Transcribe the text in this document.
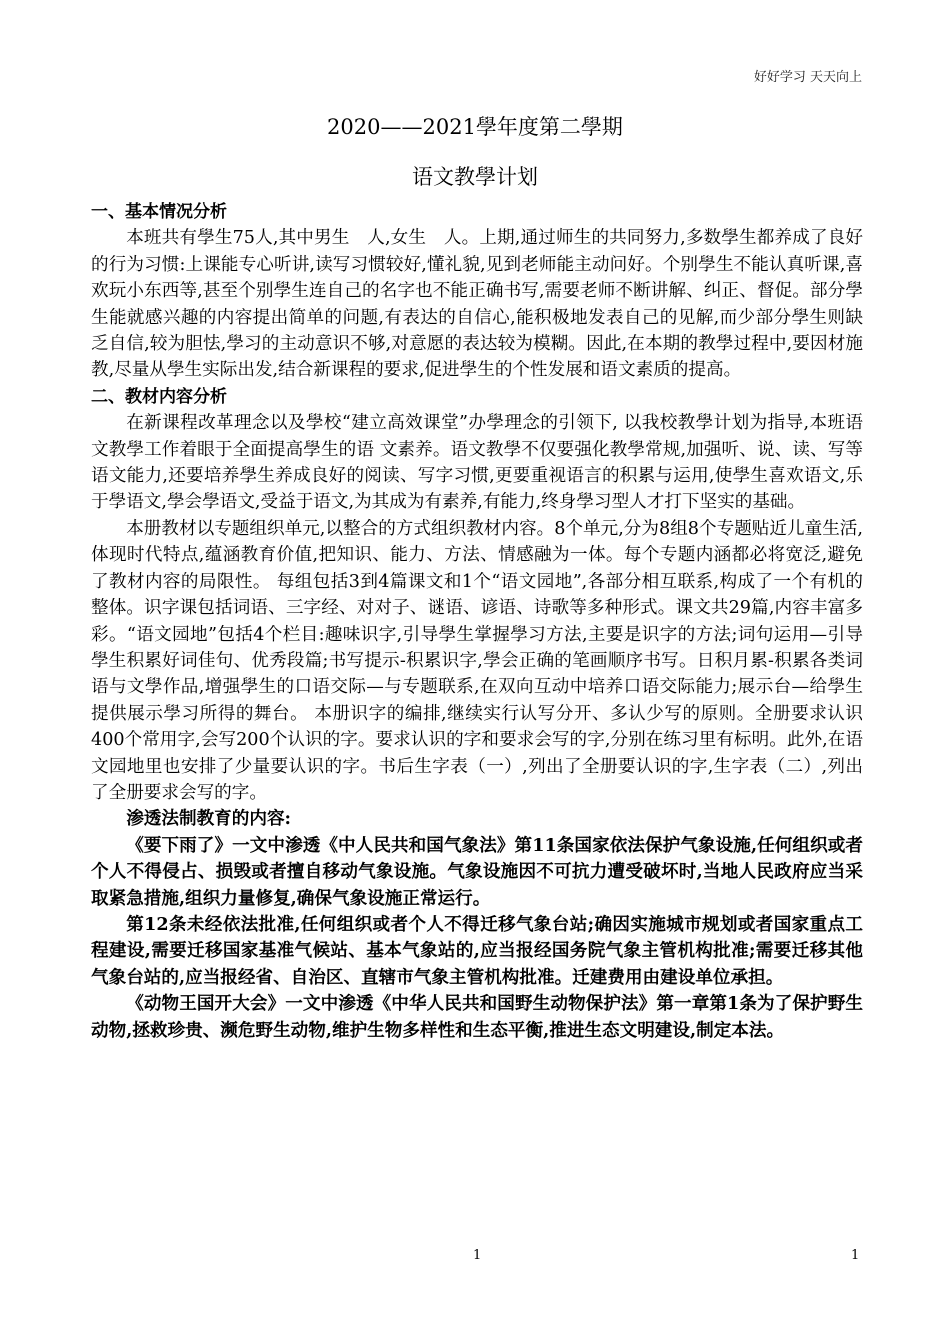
好好学习 天天向上
2020——2021學年度第二學期
语文教學计划
一、基本情况分析

本班共有學生75人,其中男生　人,女生　人。上期,通过师生的共同努力,多数學生都养成了良好的行为习惯:上课能专心听讲,读写习惯较好,懂礼貌,见到老师能主动问好。个别學生不能认真听课,喜欢玩小东西等,甚至个别學生连自己的名字也不能正确书写,需要老师不断讲解、纠正、督促。部分學生能就感兴趣的内容提出简单的问题,有表达的自信心,能积极地发表自己的见解,而少部分學生则缺乏自信,较为胆怯,學习的主动意识不够,对意愿的表达较为模糊。因此,在本期的教學过程中,要因材施教,尽量从學生实际出发,结合新课程的要求,促进學生的个性发展和语文素质的提高。

二、教材内容分析

在新课程改革理念以及學校“建立高效课堂”办學理念的引领下, 以我校教學计划为指导,本班语文教學工作着眼于全面提高學生的语 文素养。语文教學不仅要强化教學常规,加强听、说、读、写等语文能力,还要培养學生养成良好的阅读、写字习惯,更要重视语言的积累与运用,使學生喜欢语文,乐于學语文,學会學语文,受益于语文,为其成为有素养,有能力,终身學习型人才打下坚实的基础。

本册教材以专题组织单元,以整合的方式组织教材内容。8个单元,分为8组8个专题贴近儿童生活,体现时代特点,蕴涵教育价值,把知识、能力、方法、情感融为一体。每个专题内涵都必将宽泛,避免了教材内容的局限性。 每组包括3到4篇课文和1个“语文园地”,各部分相互联系,构成了一个有机的整体。识字课包括词语、三字经、对对子、谜语、谚语、诗歌等多种形式。课文共29篇,内容丰富多彩。“语文园地”包括4个栏目:趣味识字,引导學生掌握學习方法,主要是识字的方法;词句运用—引导學生积累好词佳句、优秀段篇;书写提示-积累识字,學会正确的笔画顺序书写。日积月累-积累各类词语与文學作品,增强學生的口语交际—与专题联系,在双向互动中培养口语交际能力;展示台—给學生提供展示學习所得的舞台。 本册识字的编排,继续实行认写分开、多认少写的原则。全册要求认识400个常用字,会写200个认识的字。要求认识的字和要求会写的字,分别在练习里有标明。此外,在语文园地里也安排了少量要认识的字。书后生字表（一）,列出了全册要认识的字,生字表（二）,列出了全册要求会写的字。

渗透法制教育的内容:

《要下雨了》一文中渗透《中人民共和国气象法》第11条国家依法保护气象设施,任何组织或者个人不得侵占、损毁或者擅自移动气象设施。气象设施因不可抗力遭受破坏时,当地人民政府应当采取紧急措施,组织力量修复,确保气象设施正常运行。

第12条未经依法批准,任何组织或者个人不得迁移气象台站;确因实施城市规划或者国家重点工程建设,需要迁移国家基准气候站、基本气象站的,应当报经国务院气象主管机构批准;需要迁移其他气象台站的,应当报经省、自治区、直辖市气象主管机构批准。迁建费用由建设单位承担。

《动物王国开大会》一文中渗透《中华人民共和国野生动物保护法》第一章第1条为了保护野生动物,拯救珍贵、濒危野生动物,维护生物多样性和生态平衡,推进生态文明建设,制定本法。

1	1
